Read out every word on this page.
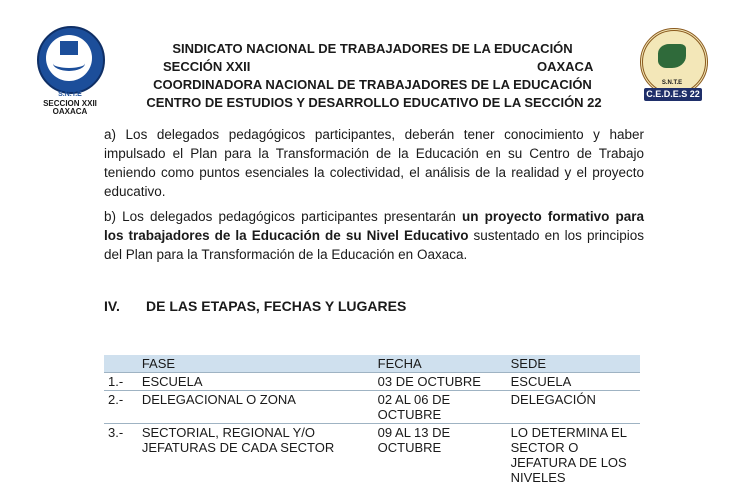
S.N.T.E
SECCION XXII
OAXACA
SINDICATO NACIONAL DE TRABAJADORES DE LA EDUCACIÓN
SECCIÓN XXII	OAXACA
COORDINADORA NACIONAL DE TRABAJADORES DE LA EDUCACIÓN
CENTRO DE ESTUDIOS Y DESARROLLO EDUCATIVO DE LA SECCIÓN 22
S.N.T.E
C.E.D.E.S 22
a) Los delegados pedagógicos participantes, deberán tener conocimiento y haber impulsado el Plan para la Transformación de la Educación en su Centro de Trabajo teniendo como puntos esenciales la colectividad, el análisis de la realidad y el proyecto educativo.
b) Los delegados pedagógicos participantes presentarán un proyecto formativo para los trabajadores de la Educación de su Nivel Educativo sustentado en los principios del Plan para la Transformación de la Educación en Oaxaca.
IV. DE LAS ETAPAS, FECHAS Y LUGARES
	FASE	FECHA	SEDE
1.-	ESCUELA	03 DE OCTUBRE	ESCUELA
2.-	DELEGACIONAL O ZONA	02 AL 06 DE OCTUBRE	DELEGACIÓN
3.-	SECTORIAL, REGIONAL Y/O JEFATURAS DE CADA SECTOR	09 AL 13 DE OCTUBRE	LO DETERMINA EL SECTOR O JEFATURA DE LOS NIVELES
